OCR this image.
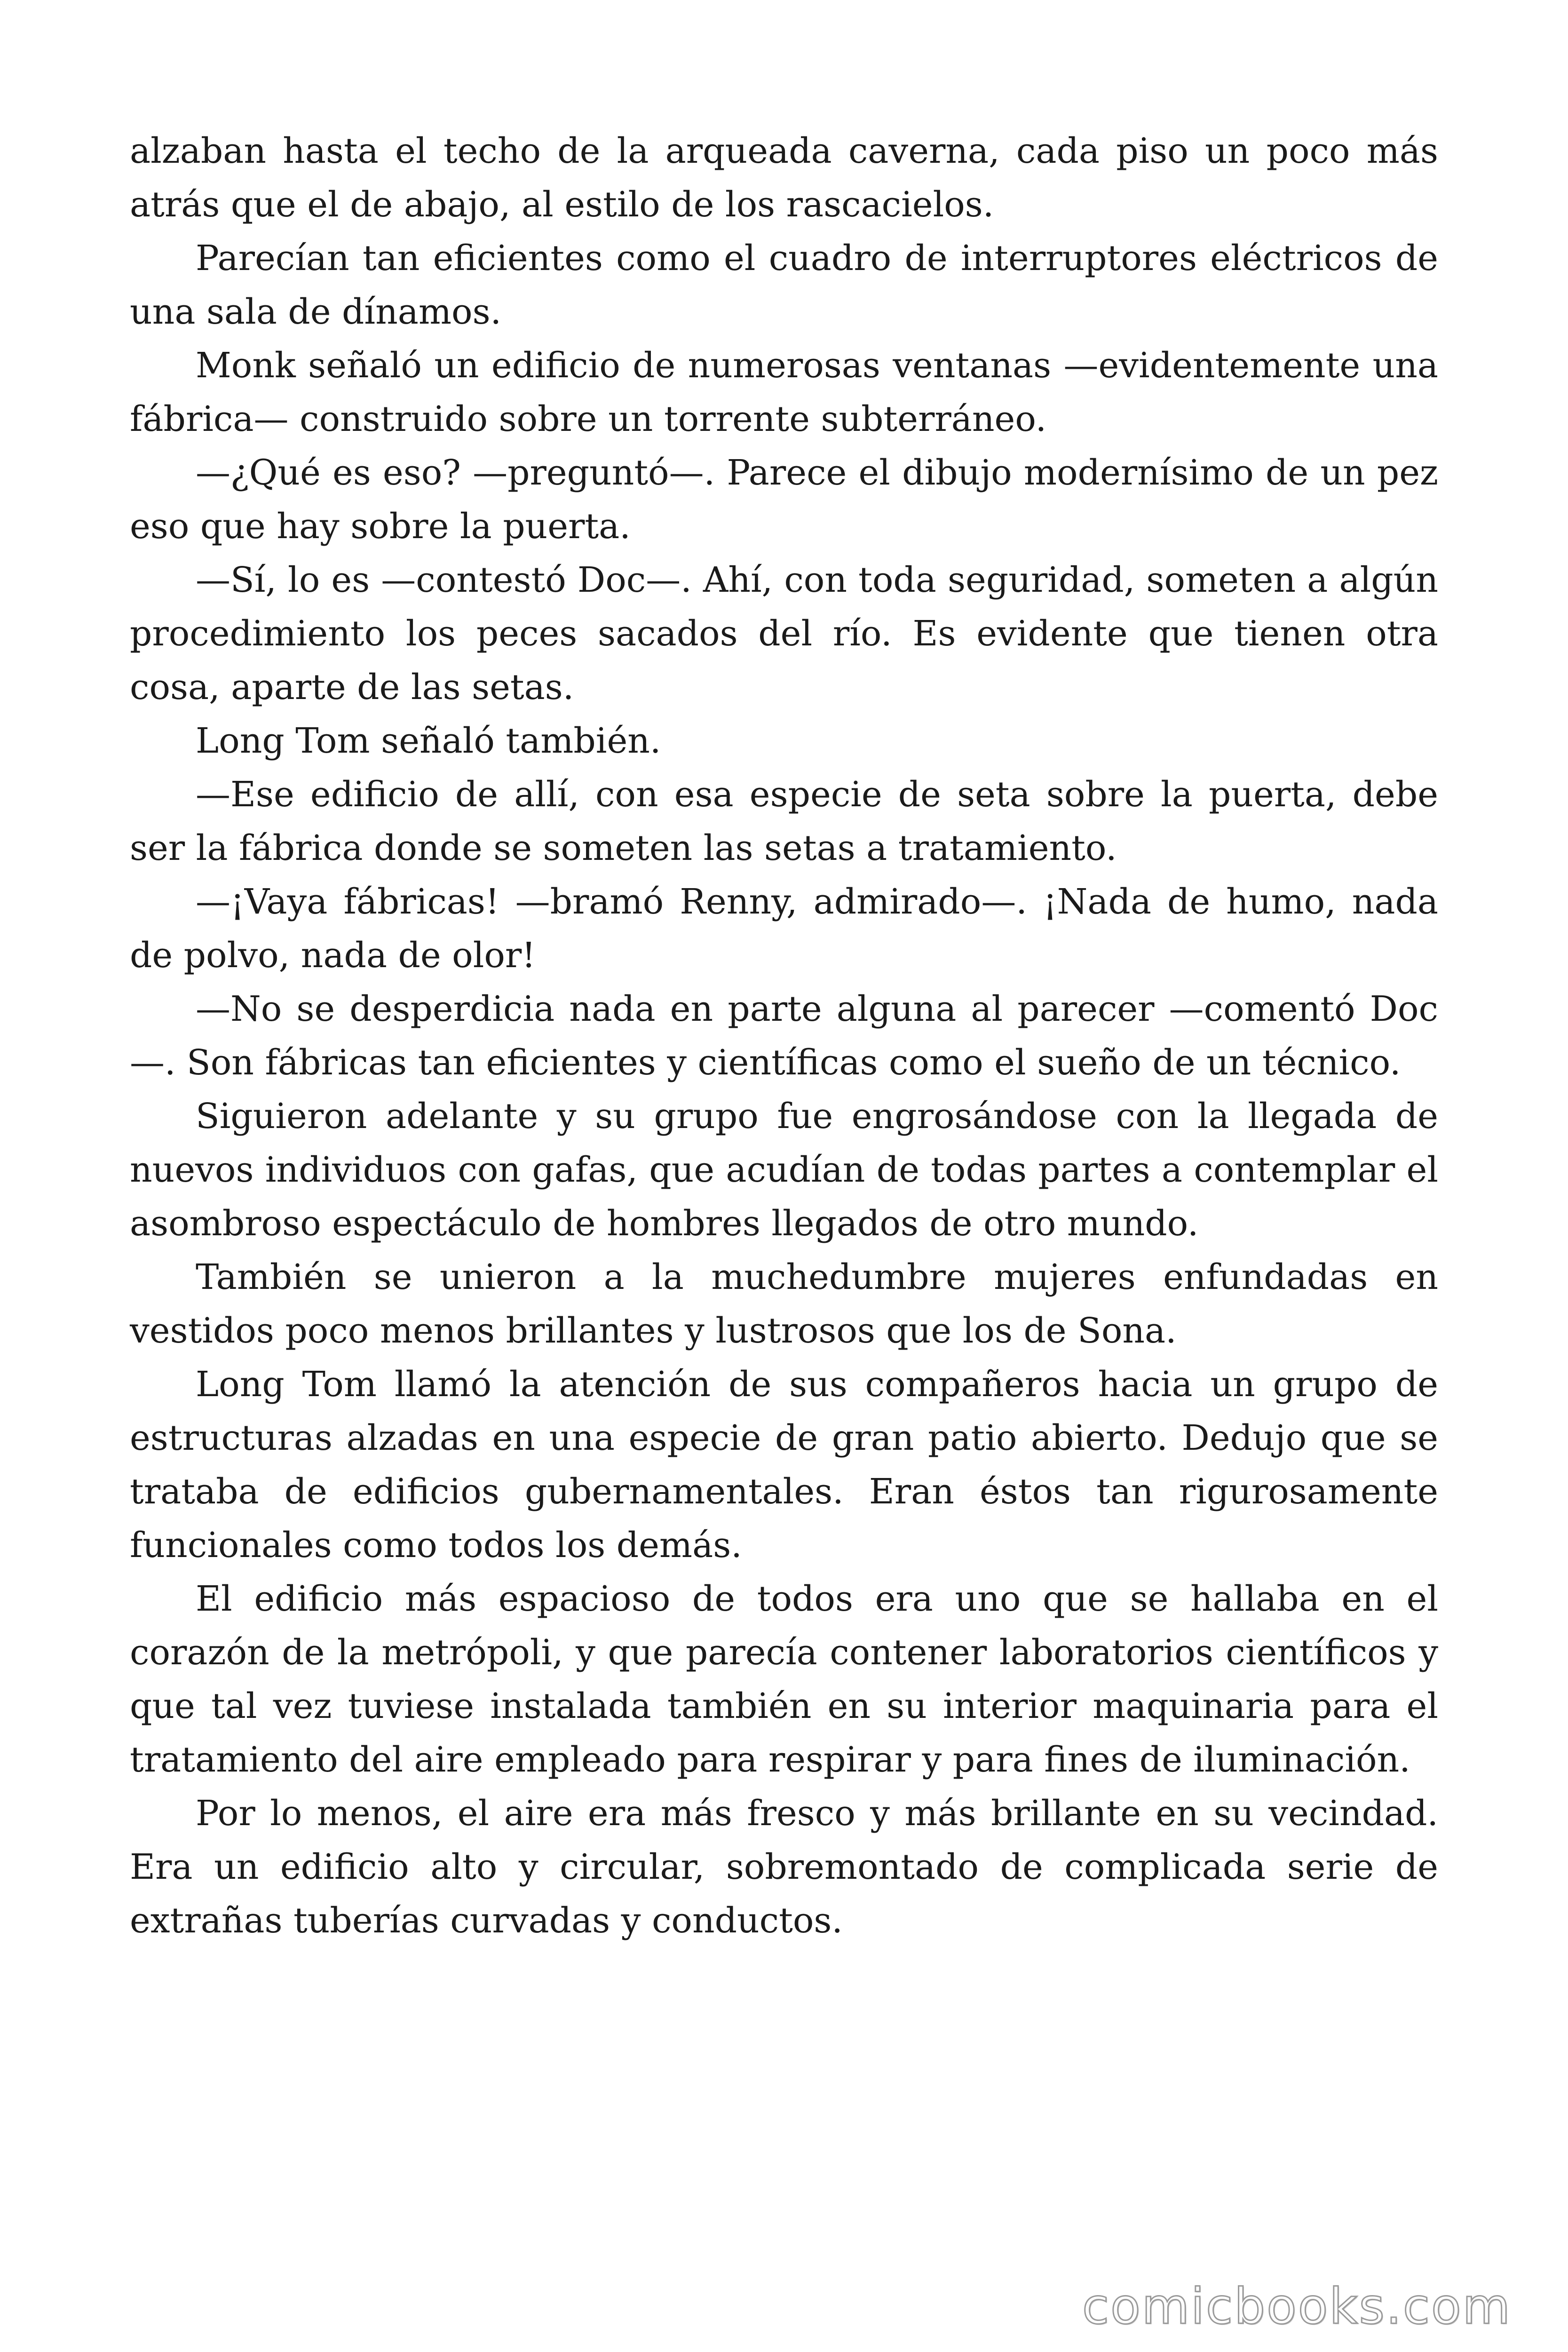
alzaban hasta el techo de la arqueada caverna, cada piso un poco más atrás que el de abajo, al estilo de los rascacielos.

Parecían tan eficientes como el cuadro de interruptores eléctricos de una sala de dínamos.

Monk señaló un edificio de numerosas ventanas —evidentemente una fábrica— construido sobre un torrente subterráneo.

—¿Qué es eso? —preguntó—. Parece el dibujo modernísimo de un pez eso que hay sobre la puerta.

—Sí, lo es —contestó Doc—. Ahí, con toda seguridad, someten a algún procedimiento los peces sacados del río. Es evidente que tienen otra cosa, aparte de las setas.

Long Tom señaló también.

—Ese edificio de allí, con esa especie de seta sobre la puerta, debe ser la fábrica donde se someten las setas a tratamiento.

—¡Vaya fábricas! —bramó Renny, admirado—. ¡Nada de humo, nada de polvo, nada de olor!

—No se desperdicia nada en parte alguna al parecer —comentó Doc—. Son fábricas tan eficientes y científicas como el sueño de un técnico.

Siguieron adelante y su grupo fue engrosándose con la llegada de nuevos individuos con gafas, que acudían de todas partes a contemplar el asombroso espectáculo de hombres llegados de otro mundo.

También se unieron a la muchedumbre mujeres enfundadas en vestidos poco menos brillantes y lustrosos que los de Sona.

Long Tom llamó la atención de sus compañeros hacia un grupo de estructuras alzadas en una especie de gran patio abierto. Dedujo que se trataba de edificios gubernamentales. Eran éstos tan rigurosamente funcionales como todos los demás.

El edificio más espacioso de todos era uno que se hallaba en el corazón de la metrópoli, y que parecía contener laboratorios científicos y que tal vez tuviese instalada también en su interior maquinaria para el tratamiento del aire empleado para respirar y para fines de iluminación.

Por lo menos, el aire era más fresco y más brillante en su vecindad. Era un edificio alto y circular, sobremontado de complicada serie de extrañas tuberías curvadas y conductos.

comicbooks.com
